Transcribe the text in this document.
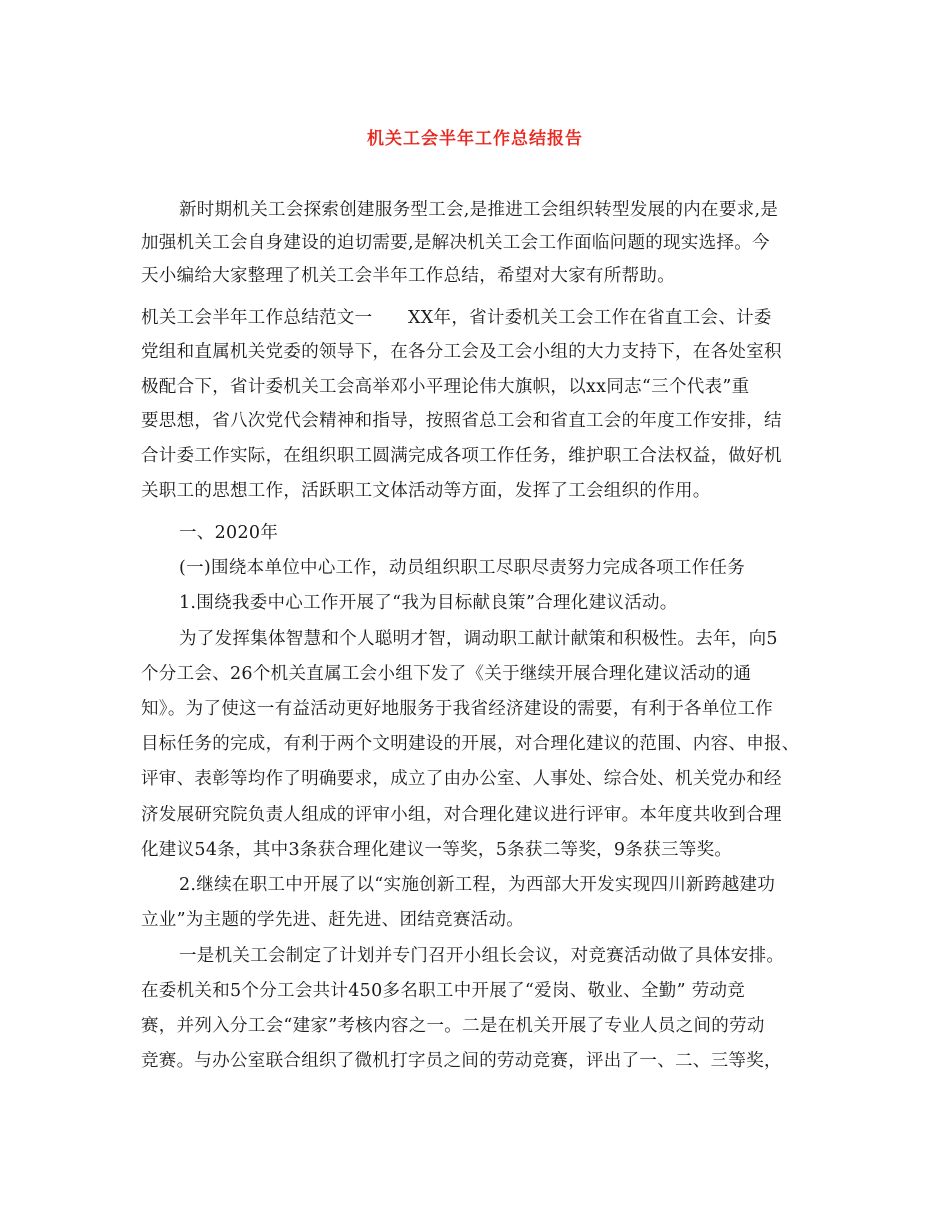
机关工会半年工作总结报告
新时期机关工会探索创建服务型工会,是推进工会组织转型发展的内在要求,是
加强机关工会自身建设的迫切需要,是解决机关工会工作面临问题的现实选择。今
天小编给大家整理了机关工会半年工作总结，希望对大家有所帮助。
机关工会半年工作总结范文一　　XX年，省计委机关工会工作在省直工会、计委
党组和直属机关党委的领导下，在各分工会及工会小组的大力支持下，在各处室积
极配合下，省计委机关工会高举邓小平理论伟大旗帜，以xx同志“三个代表”重
要思想，省八次党代会精神和指导，按照省总工会和省直工会的年度工作安排，结
合计委工作实际，在组织职工圆满完成各项工作任务，维护职工合法权益，做好机
关职工的思想工作，活跃职工文体活动等方面，发挥了工会组织的作用。
一、2020年
(一)围绕本单位中心工作，动员组织职工尽职尽责努力完成各项工作任务
1.围绕我委中心工作开展了“我为目标献良策”合理化建议活动。
为了发挥集体智慧和个人聪明才智，调动职工献计献策和积极性。去年，向5
个分工会、26个机关直属工会小组下发了《关于继续开展合理化建议活动的通
知》。为了使这一有益活动更好地服务于我省经济建设的需要，有利于各单位工作
目标任务的完成，有利于两个文明建设的开展，对合理化建议的范围、内容、申报、
评审、表彰等均作了明确要求，成立了由办公室、人事处、综合处、机关党办和经
济发展研究院负责人组成的评审小组，对合理化建议进行评审。本年度共收到合理
化建议54条，其中3条获合理化建议一等奖，5条获二等奖，9条获三等奖。
2.继续在职工中开展了以“实施创新工程，为西部大开发实现四川新跨越建功
立业”为主题的学先进、赶先进、团结竞赛活动。
一是机关工会制定了计划并专门召开小组长会议，对竞赛活动做了具体安排。
在委机关和5个分工会共计450多名职工中开展了“爱岗、敬业、全勤” 劳动竞
赛，并列入分工会“建家”考核内容之一。二是在机关开展了专业人员之间的劳动
竞赛。与办公室联合组织了微机打字员之间的劳动竞赛，评出了一、二、三等奖，
